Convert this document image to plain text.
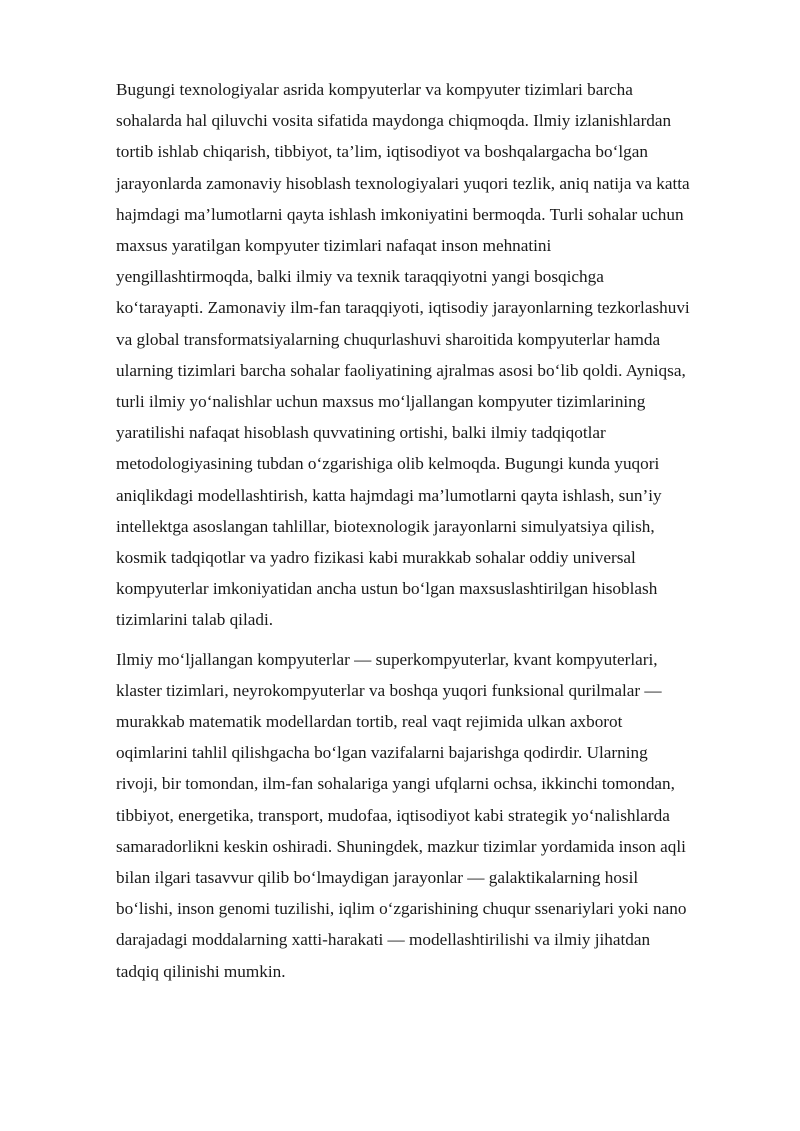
Bugungi texnologiyalar asrida kompyuterlar va kompyuter tizimlari barcha
sohalarda hal qiluvchi vosita sifatida maydonga chiqmoqda. Ilmiy izlanishlardan
tortib ishlab chiqarish, tibbiyot, ta’lim, iqtisodiyot va boshqalargacha bo‘lgan
jarayonlarda zamonaviy hisoblash texnologiyalari yuqori tezlik, aniq natija va katta
hajmdagi ma’lumotlarni qayta ishlash imkoniyatini bermoqda. Turli sohalar uchun
maxsus yaratilgan kompyuter tizimlari nafaqat inson mehnatini
yengillashtirmoqda, balki ilmiy va texnik taraqqiyotni yangi bosqichga
ko‘tarayapti. Zamonaviy ilm-fan taraqqiyoti, iqtisodiy jarayonlarning tezkorlashuvi
va global transformatsiyalarning chuqurlashuvi sharoitida kompyuterlar hamda
ularning tizimlari barcha sohalar faoliyatining ajralmas asosi bo‘lib qoldi. Ayniqsa,
turli ilmiy yo‘nalishlar uchun maxsus mo‘ljallangan kompyuter tizimlarining
yaratilishi nafaqat hisoblash quvvatining ortishi, balki ilmiy tadqiqotlar
metodologiyasining tubdan o‘zgarishiga olib kelmoqda. Bugungi kunda yuqori
aniqlikdagi modellashtirish, katta hajmdagi ma’lumotlarni qayta ishlash, sun’iy
intellektga asoslangan tahlillar, biotexnologik jarayonlarni simulyatsiya qilish,
kosmik tadqiqotlar va yadro fizikasi kabi murakkab sohalar oddiy universal
kompyuterlar imkoniyatidan ancha ustun bo‘lgan maxsuslashtirilgan hisoblash
tizimlarini talab qiladi.

Ilmiy mo‘ljallangan kompyuterlar — superkompyuterlar, kvant kompyuterlari,
klaster tizimlari, neyrokompyuterlar va boshqa yuqori funksional qurilmalar —
murakkab matematik modellardan tortib, real vaqt rejimida ulkan axborot
oqimlarini tahlil qilishgacha bo‘lgan vazifalarni bajarishga qodirdir. Ularning
rivoji, bir tomondan, ilm-fan sohalariga yangi ufqlarni ochsa, ikkinchi tomondan,
tibbiyot, energetika, transport, mudofaa, iqtisodiyot kabi strategik yo‘nalishlarda
samaradorlikni keskin oshiradi. Shuningdek, mazkur tizimlar yordamida inson aqli
bilan ilgari tasavvur qilib bo‘lmaydigan jarayonlar — galaktikalarning hosil
bo‘lishi, inson genomi tuzilishi, iqlim o‘zgarishining chuqur ssenariylari yoki nano
darajadagi moddalarning xatti-harakati — modellashtirilishi va ilmiy jihatdan
tadqiq qilinishi mumkin.
